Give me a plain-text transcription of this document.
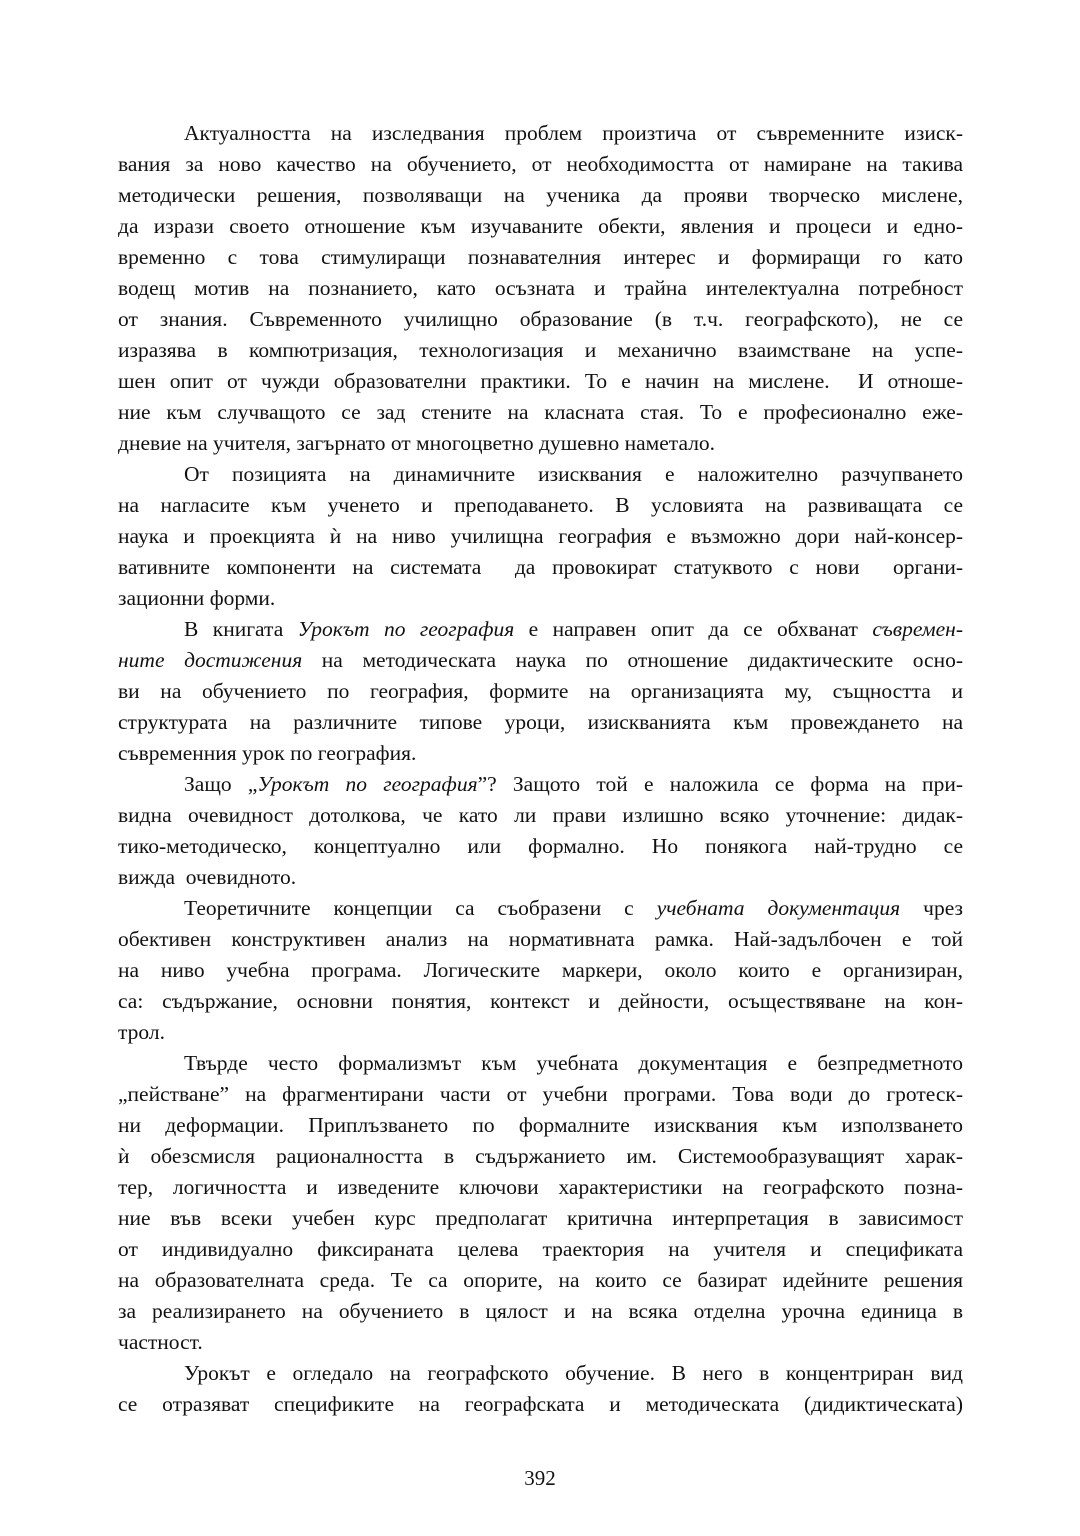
Актуалността на изследвания проблем произтича от съвременните изиск-
вания за ново качество на обучението, от необходимостта от намиране на такива
методически решения, позволяващи на ученика да прояви творческо мислене,
да изрази своето отношение към изучаваните обекти, явления и процеси и едно-
временно с това стимулиращи познавателния интерес и формиращи го като
водещ мотив на познанието, като осъзната и трайна интелектуална потребност
от знания. Съвременното училищно образование (в т.ч. географското), не се
изразява в компютризация, технологизация и механично взаимстване на успе-
шен опит от чужди образователни практики. То е начин на мислене.  И отноше-
ние към случващото се зад стените на класната стая. То е професионално еже-
дневие на учителя, загърнато от многоцветно душевно наметало.
От позицията на динамичните изисквания е наложително разчупването
на нагласите към ученето и преподаването. В условията на развиващата се
наука и проекцията ѝ на ниво училищна география е възможно дори най-консер-
вативните компоненти на системата  да провокират статуквото с нови  органи-
зационни форми.
В книгата Урокът по география е направен опит да се обхванат съвремен-
ните достижения на методическата наука по отношение дидактическите осно-
ви на обучението по география, формите на организацията му, същността и
структурата на различните типове уроци, изискванията към провеждането на
съвременния урок по география.
Защо „Урокът по география”? Защото той е наложила се форма на при-
видна очевидност дотолкова, че като ли прави излишно всяко уточнение: дидак-
тико-методическо, концептуално или формално. Но понякога най-трудно се
вижда  очевидното.
Теоретичните концепции са съобразени с учебната документация чрез
обективен конструктивен анализ на нормативната рамка. Най-задълбочен е той
на ниво учебна програма. Логическите маркери, около които е организиран,
са: съдържание, основни понятия, контекст и дейности, осъществяване на кон-
трол.
Твърде често формализмът към учебната документация е безпредметното
„пействане” на фрагментирани части от учебни програми. Това води до гротеск-
ни деформации. Приплъзването по формалните изисквания към използването
ѝ обезсмисля рационалността в съдържанието им. Системообразуващият харак-
тер, логичността и изведените ключови характеристики на географското позна-
ние във всеки учебен курс предполагат критична интерпретация в зависимост
от индивидуално фиксираната целева траектория на учителя и спецификата
на образователната среда. Те са опорите, на които се базират идейните решения
за реализирането на обучението в цялост и на всяка отделна урочна единица в
частност.
Урокът е огледало на географското обучение. В него в концентриран вид
се отразяват спецификите на географската и методическата (дидиктическата)
392
